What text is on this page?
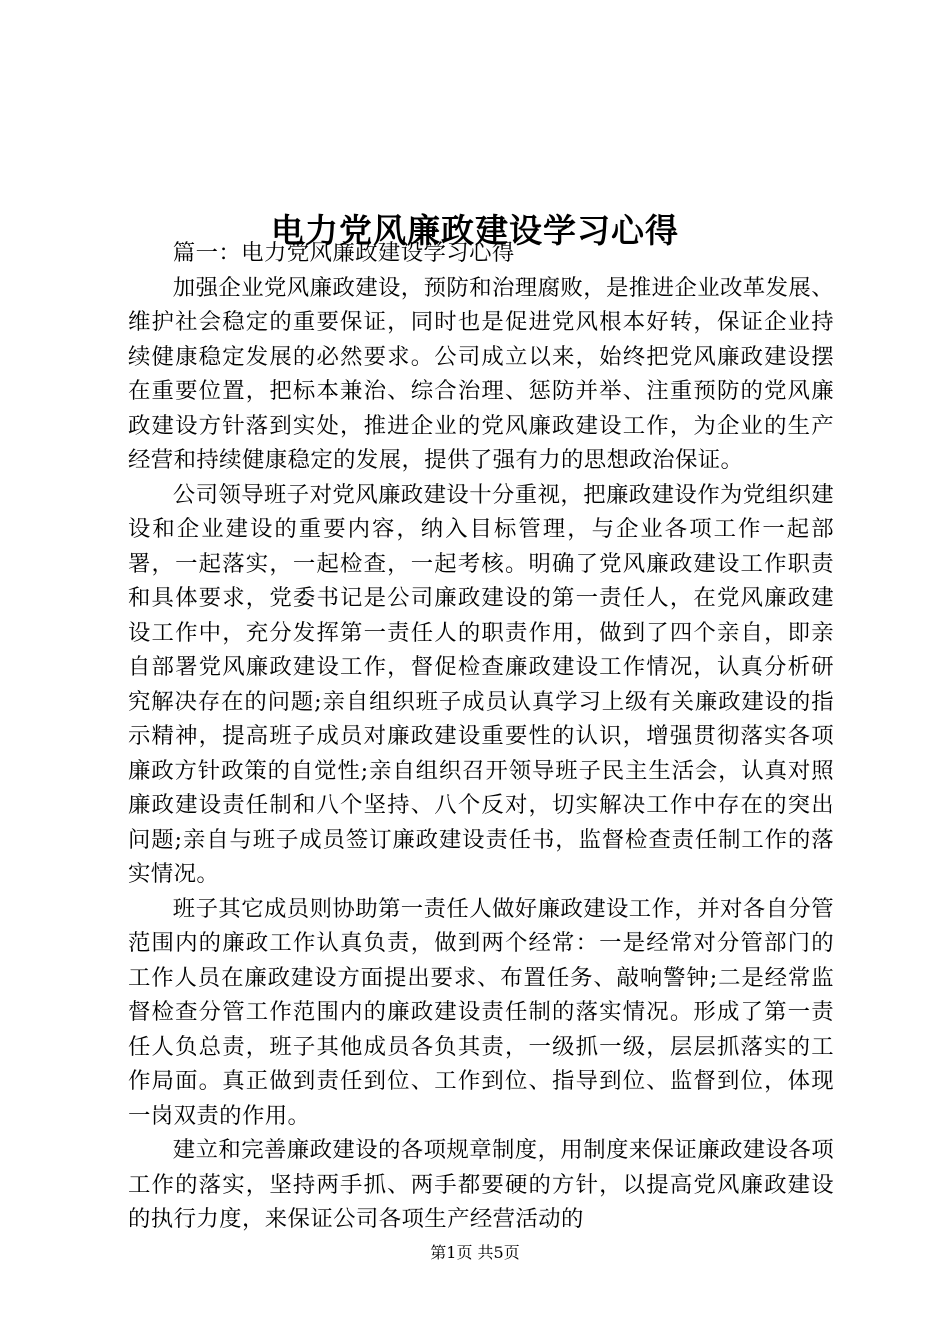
电力党风廉政建设学习心得

篇一：电力党风廉政建设学习心得

加强企业党风廉政建设，预防和治理腐败，是推进企业改革发展、维护社会稳定的重要保证，同时也是促进党风根本好转，保证企业持续健康稳定发展的必然要求。公司成立以来，始终把党风廉政建设摆在重要位置，把标本兼治、综合治理、惩防并举、注重预防的党风廉政建设方针落到实处，推进企业的党风廉政建设工作，为企业的生产经营和持续健康稳定的发展，提供了强有力的思想政治保证。

公司领导班子对党风廉政建设十分重视，把廉政建设作为党组织建设和企业建设的重要内容，纳入目标管理，与企业各项工作一起部署，一起落实，一起检查，一起考核。明确了党风廉政建设工作职责和具体要求，党委书记是公司廉政建设的第一责任人，在党风廉政建设工作中，充分发挥第一责任人的职责作用，做到了四个亲自，即亲自部署党风廉政建设工作，督促检查廉政建设工作情况，认真分析研究解决存在的问题;亲自组织班子成员认真学习上级有关廉政建设的指示精神，提高班子成员对廉政建设重要性的认识，增强贯彻落实各项廉政方针政策的自觉性;亲自组织召开领导班子民主生活会，认真对照廉政建设责任制和八个坚持、八个反对，切实解决工作中存在的突出问题;亲自与班子成员签订廉政建设责任书，监督检查责任制工作的落实情况。

班子其它成员则协助第一责任人做好廉政建设工作，并对各自分管范围内的廉政工作认真负责，做到两个经常：一是经常对分管部门的工作人员在廉政建设方面提出要求、布置任务、敲响警钟;二是经常监督检查分管工作范围内的廉政建设责任制的落实情况。形成了第一责任人负总责，班子其他成员各负其责，一级抓一级，层层抓落实的工作局面。真正做到责任到位、工作到位、指导到位、监督到位，体现一岗双责的作用。

建立和完善廉政建设的各项规章制度，用制度来保证廉政建设各项工作的落实，坚持两手抓、两手都要硬的方针，以提高党风廉政建设的执行力度，来保证公司各项生产经营活动的

第1页 共5页
